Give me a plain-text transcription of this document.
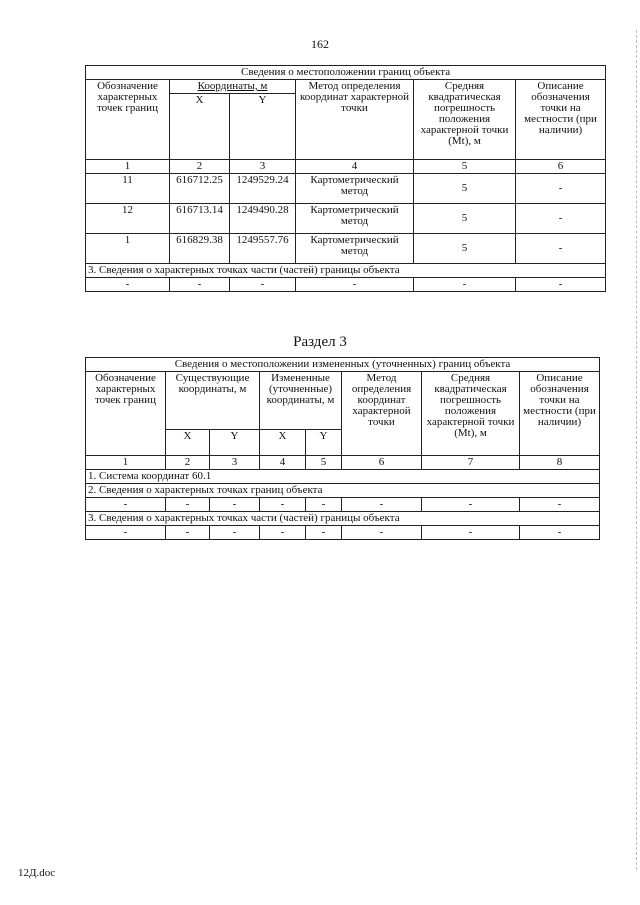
162
Сведения о местоположении границ объекта					
Обозначение характерных точек границ	Координаты, м		Метод определения координат характерной точки	Средняя квадратическая погрешность положения характерной точки (Mt), м	Описание обозначения точки на местности (при наличии)
	X	Y			
1	2	3	4	5	6
11	616712.25	1249529.24	Картометрический метод	5	-
12	616713.14	1249490.28	Картометрический метод	5	-
1	616829.38	1249557.76	Картометрический метод	5	-
3. Сведения о характерных точках части (частей) границы объекта					
-	-	-	-	-	-
Раздел 3
Сведения о местоположении измененных (уточненных) границ объекта							
Обозначение характерных точек границ	Существующие координаты, м		Измененные (уточненные) координаты, м		Метод определения координат характерной точки	Средняя квадратическая погрешность положения характерной точки (Mt), м	Описание обозначения точки на местности (при наличии)
	X	Y	X	Y			
1	2	3	4	5	6	7	8
1. Система координат 60.1							
2. Сведения о характерных точках границ объекта							
-	-	-	-	-	-	-	-
3. Сведения о характерных точках части (частей) границы объекта							
-	-	-	-	-	-	-	-
12Д.doc
